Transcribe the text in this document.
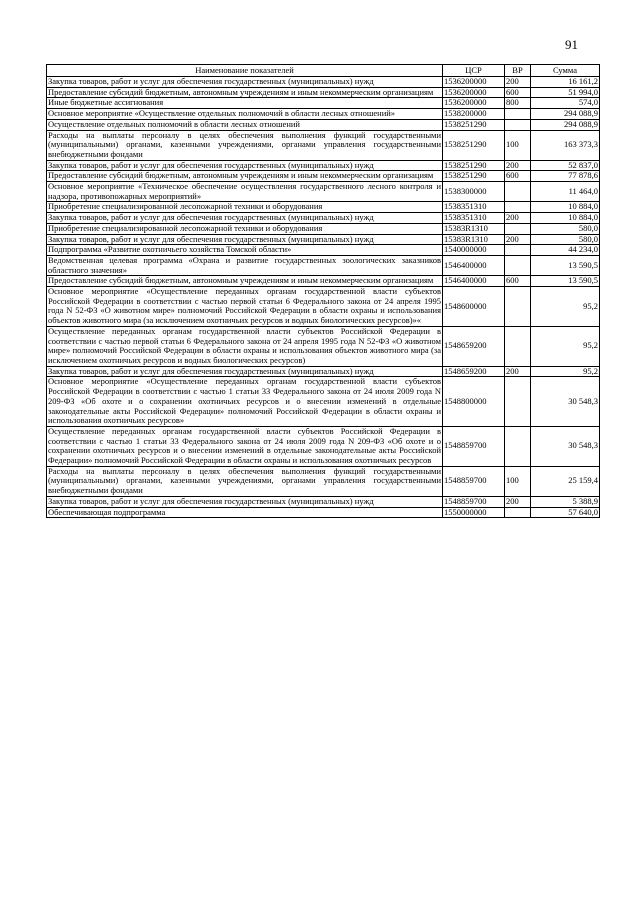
91
Наименование показателей	ЦСР	ВР	Сумма
Закупка товаров, работ и услуг для обеспечения государственных (муниципальных) нужд	1536200000	200	16 161,2
Предоставление субсидий бюджетным, автономным учреждениям и иным некоммерческим организациям	1536200000	600	51 994,0
Иные бюджетные ассигнования	1536200000	800	574,0
Основное мероприятие «Осуществление отдельных полномочий в области лесных отношений»	1538200000		294 088,9
Осуществление отдельных полномочий в области лесных отношений	1538251290		294 088,9
Расходы на выплаты персоналу в целях обеспечения выполнения функций государственными (муниципальными) органами, казенными учреждениями, органами управления государственными внебюджетными фондами	1538251290	100	163 373,3
Закупка товаров, работ и услуг для обеспечения государственных (муниципальных) нужд	1538251290	200	52 837,0
Предоставление субсидий бюджетным, автономным учреждениям и иным некоммерческим организациям	1538251290	600	77 878,6
Основное мероприятие «Техническое обеспечение осуществления государственного лесного контроля и надзора, противопожарных мероприятий»	1538300000		11 464,0
Приобретение специализированной лесопожарной техники и оборудования	1538351310		10 884,0
Закупка товаров, работ и услуг для обеспечения государственных (муниципальных) нужд	1538351310	200	10 884,0
Приобретение специализированной лесопожарной техники и оборудования	15383R1310		580,0
Закупка товаров, работ и услуг для обеспечения государственных (муниципальных) нужд	15383R1310	200	580,0
Подпрограмма «Развитие охотничьего хозяйства Томской области»	1540000000		44 234,0
Ведомственная целевая программа «Охрана и развитие государственных зоологических заказников областного значения»	1546400000		13 590,5
Предоставление субсидий бюджетным, автономным учреждениям и иным некоммерческим организациям	1546400000	600	13 590,5
Основное мероприятие «Осуществление переданных органам государственной власти субъектов Российской Федерации в соответствии с частью первой статьи 6 Федерального закона от 24 апреля 1995 года N 52-ФЗ «О животном мире» полномочий Российской Федерации в области охраны и использования объектов животного мира (за исключением охотничьих ресурсов и водных биологических ресурсов)»«	1548600000		95,2
Осуществление переданных органам государственной власти субъектов Российской Федерации в соответствии с частью первой статьи 6 Федерального закона от 24 апреля 1995 года N 52-ФЗ «О животном мире» полномочий Российской Федерации в области охраны и использования объектов животного мира (за исключением охотничьих ресурсов и водных биологических ресурсов)	1548659200		95,2
Закупка товаров, работ и услуг для обеспечения государственных (муниципальных) нужд	1548659200	200	95,2
Основное мероприятие «Осуществление переданных органам государственной власти субъектов Российской Федерации в соответствии с частью 1 статьи 33 Федерального закона от 24 июля 2009 года N 209-ФЗ «Об охоте и о сохранении охотничьих ресурсов и о внесении изменений в отдельные законодательные акты Российской Федерации» полномочий Российской Федерации в области охраны и использования охотничьих ресурсов»	1548800000		30 548,3
Осуществление переданных органам государственной власти субъектов Российской Федерации в соответствии с частью 1 статьи 33 Федерального закона от 24 июля 2009 года N 209-ФЗ «Об охоте и о сохранении охотничьих ресурсов и о внесении изменений в отдельные законодательные акты Российской Федерации» полномочий Российской Федерации в области охраны и использования охотничьих ресурсов	1548859700		30 548,3
Расходы на выплаты персоналу в целях обеспечения выполнения функций государственными (муниципальными) органами, казенными учреждениями, органами управления государственными внебюджетными фондами	1548859700	100	25 159,4
Закупка товаров, работ и услуг для обеспечения государственных (муниципальных) нужд	1548859700	200	5 388,9
Обеспечивающая подпрограмма	1550000000		57 640,0
